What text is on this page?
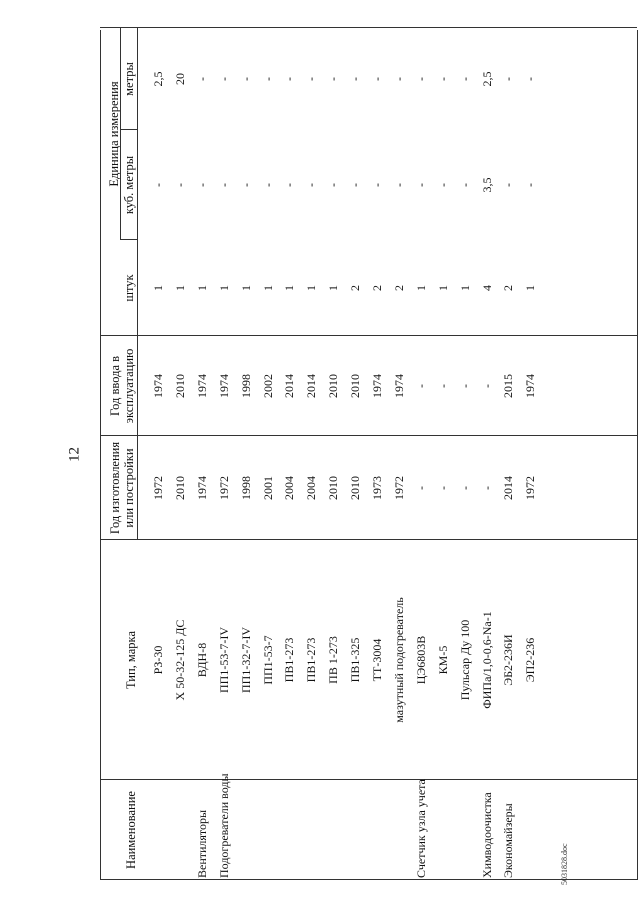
12
Наименование
Тип, марка
Год изготовления или постройки
Год ввода в эксплуатацию
Единица измерения
штук
куб. метры
метры
РЗ-30
1972
1974
1
-
2,5
Х 50-32-125 ДС
2010
2010
1
-
20
Вентиляторы
ВДН-8
1974
1974
1
-
-
Подогреватели воды
ПП1-53-7-IV
1972
1974
1
-
-
ПП1-32-7-IV
1998
1998
1
-
-
ПП1-53-7
2001
2002
1
-
-
ПВ1-273
2004
2014
1
-
-
ПВ1-273
2004
2014
1
-
-
ПВ 1-273
2010
2010
1
-
-
ПВ1-325
2010
2010
2
-
-
ТТ-3004
1973
1974
2
-
-
мазутный подогреватель
1972
1974
2
-
-
Счетчик узла учета
ЦЭ6803В
-
-
1
-
-
КМ-5
-
-
1
-
-
Пульсар Ду 100
-
-
1
-
-
Химводоочистка
ФИПа/1,0-0,6-Nа-1
-
-
4
3,5
2,5
Экономайзеры
ЭБ2-236И
2014
2015
2
-
-
ЭП2-236
1972
1974
1
-
-
5031828.doc
